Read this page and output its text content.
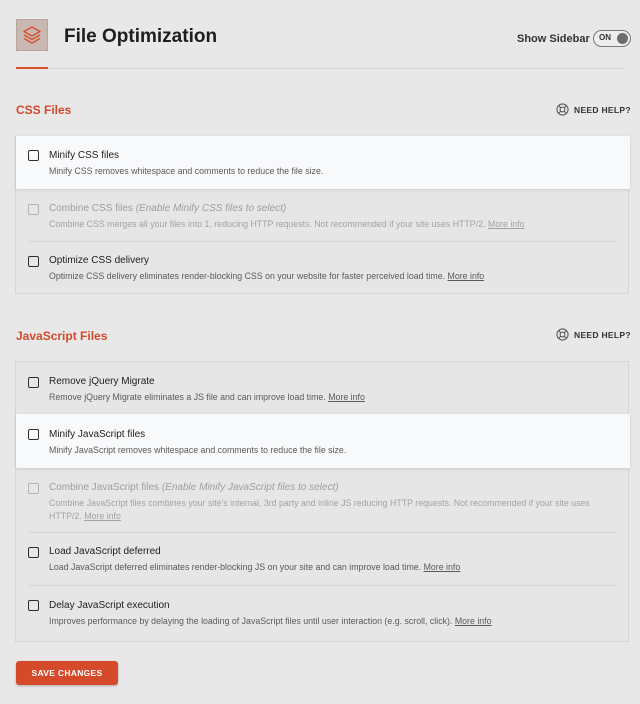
File Optimization	Show Sidebar ON
CSS Files	NEED HELP?
Minify CSS files
Minify CSS removes whitespace and comments to reduce the file size.
Combine CSS files (Enable Minify CSS files to select)
Combine CSS merges all your files into 1, reducing HTTP requests. Not recommended if your site uses HTTP/2. More info
Optimize CSS delivery
Optimize CSS delivery eliminates render-blocking CSS on your website for faster perceived load time. More info
JavaScript Files	NEED HELP?
Remove jQuery Migrate
Remove jQuery Migrate eliminates a JS file and can improve load time. More info
Minify JavaScript files
Minify JavaScript removes whitespace and comments to reduce the file size.
Combine JavaScript files (Enable Minify JavaScript files to select)
Combine JavaScript files combines your site's internal, 3rd party and inline JS reducing HTTP requests. Not recommended if your site uses HTTP/2. More info
Load JavaScript deferred
Load JavaScript deferred eliminates render-blocking JS on your site and can improve load time. More info
Delay JavaScript execution
Improves performance by delaying the loading of JavaScript files until user interaction (e.g. scroll, click). More info
SAVE CHANGES
